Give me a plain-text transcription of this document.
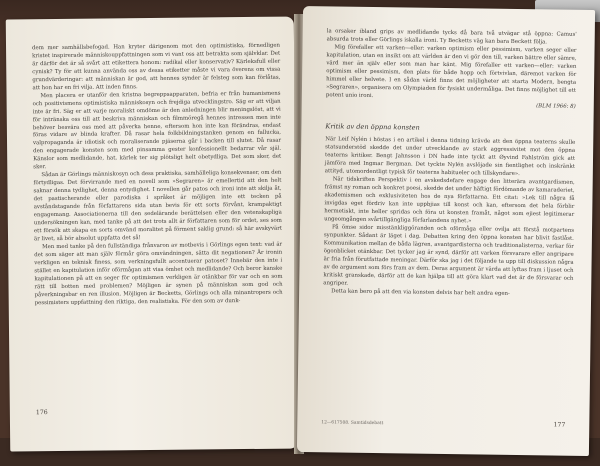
dem mer samhällsbefogad. Han kryter därigenom mot den optimistiska, förnedligen kristet inspirerade människouppfattningen som vi vant oss att betrakta som självklar. Det är därför det är så svårt att etikettera honom: radikal eller konservativ? Kärleksfull eller cynisk? Ty för att kunna använda oss av dessa etiketter måste vi vara överens om vissa grundvärderingar: att människan är god, att hennes synder är felsteg som kan förlåtas, att hon har en fri vilja. Att inden finns.

Men placera er utanför den kristna begreppsapparaten, befria er från humanismens och positivismens optimistiska människosyn och frejdiga utvecklingstro. Säg er att viljan inte är fri. Säg er att varje moraliskt omdöme är den anledningen blir meningslöst, att vi för intränska oss till att beskriva människan och filmmöregå hennes intressen men inte behöver besvära oss med att påverka henne, eftersom hon inte kan förändras, endast föras vidare av blinda krafter. Då rasar hela folkbildningstanken genom en fallucka, valpropaganda är idiotisk och moraliserande pjäserna går i backen till slutet. Då rasar den engagerade konsten som med pinsamma gester konfessionellt bedarrar vår själ. Känslor som medlidande, hat, kärlek ter sig plötsligt helt obetydliga. Det som sker, det sker.

Sådan är Görlings människosyn och dess praktiska, samhälleliga konsekvenser, om den förtydligas. Det förvirrande med en novell som »Segraren» är emellertid att den helt saknar denna tydlighet, denna entydighet. I novellen går patos och ironi inte att skilja åt, det pastischerande eller parodiska i språket är möjligen inte ett tecken på avståndstagande från författarens sida utan bevis för ett sorts förvånt, krampaktigt engagemang. Associationerna till den sedelärande berättelsen eller den vetenskapliga undersökningen kan, med tanke på att det trots allt är författaren som för ordet, ses som ett försök att skapa en sorts omvänd moralitet på förment saklig grund: så här avskyvärt är livet, så bör absolut uppfatta det så!

Men med tanke på den fullständiga frånvaron av motbevis i Görlings egen text: vad är det som säger att man själv förmår göra omvändningen, sätta dit negationen? Är ironin verkligen en teknisk finess, som verkningsfullt accentuerar patoset? Innebär den inte i stället en kapitulation inför oförmågan att visa ömhet och medlidande? Och beror kanske kapitulationen på att en seger för optimismen verkligen är otänkbar för var och en som rätt till botten med problemen? Möjligen är synen på människan som god och påverkningsbar en ren illusion. Möjligen är Becketts, Görlings och alla minantropers och pessimisters uppfattning den riktiga, den realistiska. För den som av dunk-

176

la orsaker ibland grips av medlidande tycks då bara två utvägar stå öppna: Camus' absurda trots eller Görlings iskalla ironi. Ty Becketts väg kan bara Beckett följa.

Mig förefaller ett varken—eller: varken optimism eller pessimism, varken seger eller kapitulation, utan en insikt om att världen är den vi gör den till, varken bättre eller sämre, värd mer än själv eller som man har känt. Mig förefaller ett varken—eller: varken optimism eller pessimism, den plats för både hopp och förtvivlan, däremot varken för himmel eller helvete. I en sådan värld finns det möjligheter att starta Modern, bengta »Segraren», organisera om Olympiaden för fysiskt undermåliga. Det finns möjlighet till ett potent unio ironi.

(BLM 1966: 8)

Kritik av den öppna konsten

När Leif Nylén i höstas i en artikel i denna tidning krävde att den öppna teaterns skulle statsunderstöd skedde det under utvecklande av stark aggressivitet mot den öppna teaterns kritiker. Bengt Jahnsson i DN hade inte tyckt att Øyvind Fahlström gick att jämföra med Ingmar Bergman. Det tyckte Nylén avslöjade sin fientlighet och inskränkt attityd, utomordentligt typisk för teaterns habitueler och tillskyndare».

När tidskriften Perspektiv i en avskedsdefare engage den litterära avantgardismen, främst ny roman och konkret poesi, skedde det under häftigt fördömande av kamaraderiet, akademismen och exklusiviteten hos de nya författarna. Ett citat: »Lek till några få invigdas eget fördriv kan inte uppbjias till konst och kan, eftersom det hela förblir hermetiskt, inte heller spridas och föra ut konsten framåt, något som ejiest legitimerar ungeomgången svårtillgängliga förfarlandens nyhet.»

På ömse sidor misstänkliggöranden och oförmåga eller ovilja att förstå motpartens synpunkter. Sådant är läget i dag. Debatten kring den öppna konsten har blivit fastlåst. Kommunikation mellan de båda lägren, avantgardisterna och traditionalisterna, verkar för ögonblicket otänkbar. Det tycker jag är synd, därför att varken försvarare eller angripare är fria från förutfattade meningar. Därför ska jag i det följande ta upp till diskussion några av de argument som förs fram av dem. Deras argument är värda att lyftas fram i ljuset och kritiskt granskade, därför att de kan hjälpa till att göra klart vad det är de försvarar och angriper.

Detta kan bero på att den via konsten delvis har helt andra egen-

12—617508. Samtidsdebatt	177
